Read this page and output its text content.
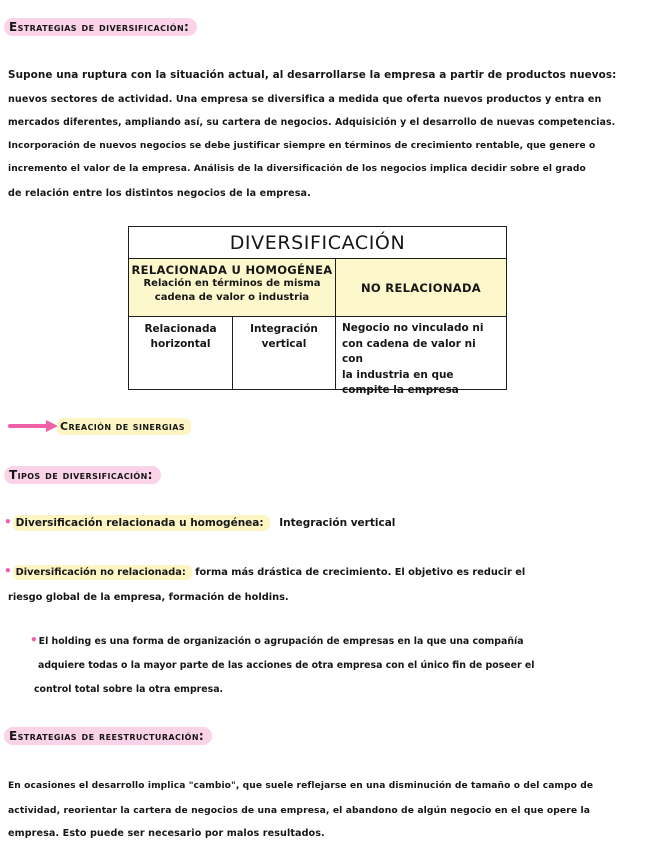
Estrategias de diversificación:
Supone una ruptura con la situación actual, al desarrollarse la empresa a partir de productos nuevos:
nuevos sectores de actividad. Una empresa se diversifica a medida que oferta nuevos productos y entra en
mercados diferentes, ampliando así, su cartera de negocios. Adquisición y el desarrollo de nuevas competencias.
Incorporación de nuevos negocios se debe justificar siempre en términos de crecimiento rentable, que genere o
incremento el valor de la empresa. Análisis de la diversificación de los negocios implica decidir sobre el grado
de relación entre los distintos negocios de la empresa.
DIVERSIFICACIÓN
RELACIONADA U HOMOGÉNEA
Relación en términos de misma
cadena de valor o industria
NO RELACIONADA
Relacionada
horizontal
Integración
vertical
Negocio no vinculado ni
con cadena de valor ni con
la industria en que
compite la empresa
Creación de sinergias
Tipos de diversificación:
• Diversificación relacionada u homogénea: Integración vertical
• Diversificación no relacionada: forma más drástica de crecimiento. El objetivo es reducir el
riesgo global de la empresa, formación de holdins.
•El holding es una forma de organización o agrupación de empresas en la que una compañía
adquiere todas o la mayor parte de las acciones de otra empresa con el único fin de poseer el
control total sobre la otra empresa.
Estrategias de reestructuración:
En ocasiones el desarrollo implica "cambio", que suele reflejarse en una disminución de tamaño o del campo de
actividad, reorientar la cartera de negocios de una empresa, el abandono de algún negocio en el que opere la
empresa. Esto puede ser necesario por malos resultados.
